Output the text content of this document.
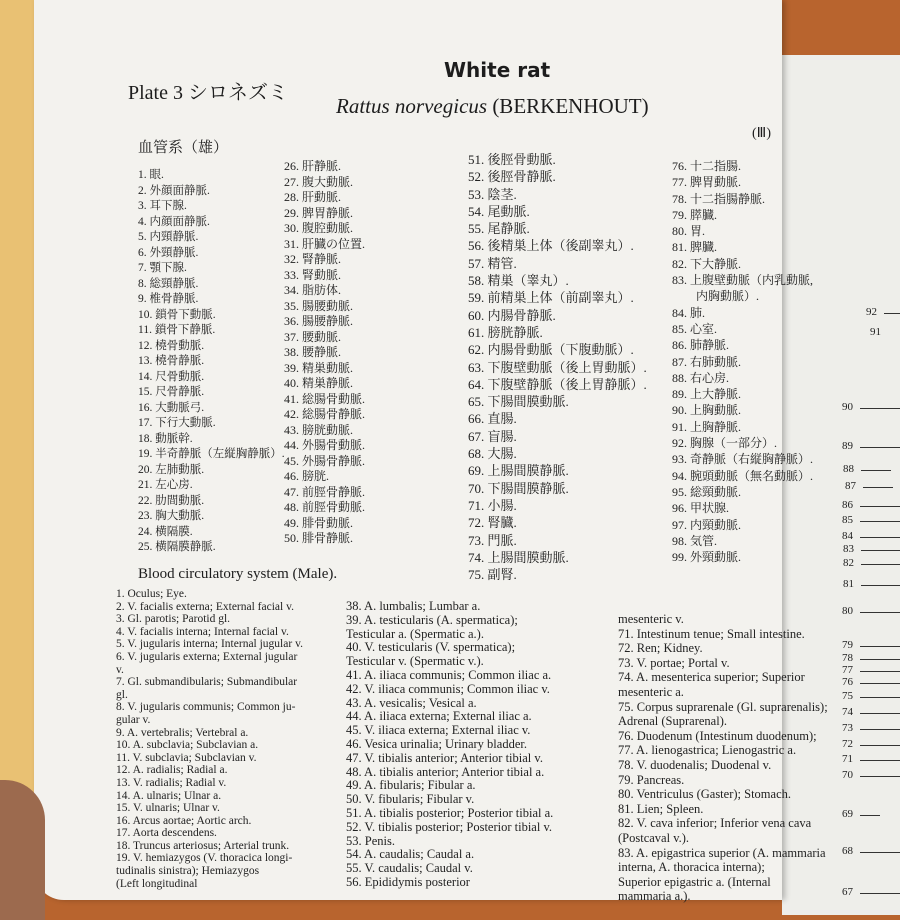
Plate 3 シロネズミ
White rat
Rattus norvegicus (BERKENHOUT)
(Ⅲ)
血管系（雄）
1. 眼.
2. 外顔面静脈.
3. 耳下腺.
4. 内顔面静脈.
5. 内頸静脈.
6. 外頸静脈.
7. 顎下腺.
8. 総頸静脈.
9. 椎骨静脈.
10. 鎖骨下動脈.
11. 鎖骨下静脈.
12. 橈骨動脈.
13. 橈骨静脈.
14. 尺骨動脈.
15. 尺骨静脈.
16. 大動脈弓.
17. 下行大動脈.
18. 動脈幹.
19. 半奇静脈（左縦胸静脈）.
20. 左肺動脈.
21. 左心房.
22. 肋間動脈.
23. 胸大動脈.
24. 横隔膜.
25. 横隔膜静脈.
26. 肝静脈.
27. 腹大動脈.
28. 肝動脈.
29. 脾胃静脈.
30. 腹腔動脈.
31. 肝臓の位置.
32. 腎静脈.
33. 腎動脈.
34. 脂肪体.
35. 腸腰動脈.
36. 腸腰静脈.
37. 腰動脈.
38. 腰静脈.
39. 精巣動脈.
40. 精巣静脈.
41. 総腸骨動脈.
42. 総腸骨静脈.
43. 膀胱動脈.
44. 外腸骨動脈.
45. 外腸骨静脈.
46. 膀胱.
47. 前脛骨静脈.
48. 前脛骨動脈.
49. 腓骨動脈.
50. 腓骨静脈.
51. 後脛骨動脈.
52. 後脛骨静脈.
53. 陰茎.
54. 尾動脈.
55. 尾静脈.
56. 後精巣上体（後副睾丸）.
57. 精管.
58. 精巣（睾丸）.
59. 前精巣上体（前副睾丸）.
60. 内腸骨静脈.
61. 膀胱静脈.
62. 内腸骨動脈（下腹動脈）.
63. 下腹壁動脈（後上胃動脈）.
64. 下腹壁静脈（後上胃静脈）.
65. 下腸間膜動脈.
66. 直腸.
67. 盲腸.
68. 大腸.
69. 上腸間膜静脈.
70. 下腸間膜静脈.
71. 小腸.
72. 腎臓.
73. 門脈.
74. 上腸間膜動脈.
75. 副腎.
76. 十二指腸.
77. 脾胃動脈.
78. 十二指腸静脈.
79. 膵臓.
80. 胃.
81. 脾臓.
82. 下大静脈.
83. 上腹壁動脈（内乳動脈,
　　内胸動脈）.
84. 肺.
85. 心室.
86. 肺静脈.
87. 右肺動脈.
88. 右心房.
89. 上大静脈.
90. 上胸動脈.
91. 上胸静脈.
92. 胸腺（一部分）.
93. 奇静脈（右縦胸静脈）.
94. 腕頭動脈（無名動脈）.
95. 総頸動脈.
96. 甲状腺.
97. 内頸動脈.
98. 気管.
99. 外頸動脈.
Blood circulatory system (Male).
1. Oculus; Eye.
2. V. facialis externa; External facial v.
3. Gl. parotis; Parotid gl.
4. V. facialis interna; Internal facial v.
5. V. jugularis interna; Internal jugular v.
6. V. jugularis externa; External jugular
v.
7. Gl. submandibularis; Submandibular
gl.
8. V. jugularis communis; Common ju-
gular v.
9. A. vertebralis; Vertebral a.
10. A. subclavia; Subclavian a.
11. V. subclavia; Subclavian v.
12. A. radialis; Radial a.
13. V. radialis; Radial v.
14. A. ulnaris; Ulnar a.
15. V. ulnaris; Ulnar v.
16. Arcus aortae; Aortic arch.
17. Aorta descendens.
18. Truncus arteriosus; Arterial trunk.
19. V. hemiazygos (V. thoracica longi-
tudinalis sinistra); Hemiazygos
(Left longitudinal
38. A. lumbalis; Lumbar a.
39. A. testicularis (A. spermatica);
Testicular a. (Spermatic a.).
40. V. testicularis (V. spermatica);
Testicular v. (Spermatic v.).
41. A. iliaca communis; Common iliac a.
42. V. iliaca communis; Common iliac v.
43. A. vesicalis; Vesical a.
44. A. iliaca externa; External iliac a.
45. V. iliaca externa; External iliac v.
46. Vesica urinalia; Urinary bladder.
47. V. tibialis anterior; Anterior tibial v.
48. A. tibialis anterior; Anterior tibial a.
49. A. fibularis; Fibular a.
50. V. fibularis; Fibular v.
51. A. tibialis posterior; Posterior tibial a.
52. V. tibialis posterior; Posterior tibial v.
53. Penis.
54. A. caudalis; Caudal a.
55. V. caudalis; Caudal v.
56. Epididymis posterior
mesenteric v.
71. Intestinum tenue; Small intestine.
72. Ren; Kidney.
73. V. portae; Portal v.
74. A. mesenterica superior; Superior
mesenteric a.
75. Corpus suprarenale (Gl. suprarenalis);
Adrenal (Suprarenal).
76. Duodenum (Intestinum duodenum);
77. A. lienogastrica; Lienogastric a.
78. V. duodenalis; Duodenal v.
79. Pancreas.
80. Ventriculus (Gaster); Stomach.
81. Lien; Spleen.
82. V. cava inferior; Inferior vena cava
(Postcaval v.).
83. A. epigastrica superior (A. mammaria
interna, A. thoracica interna);
Superior epigastric a. (Internal
mammaria a.).
92
91
90
89
88
87
86
85
84
83
82
81
80
79
78
77
76
75
74
73
72
71
70
69
68
67
